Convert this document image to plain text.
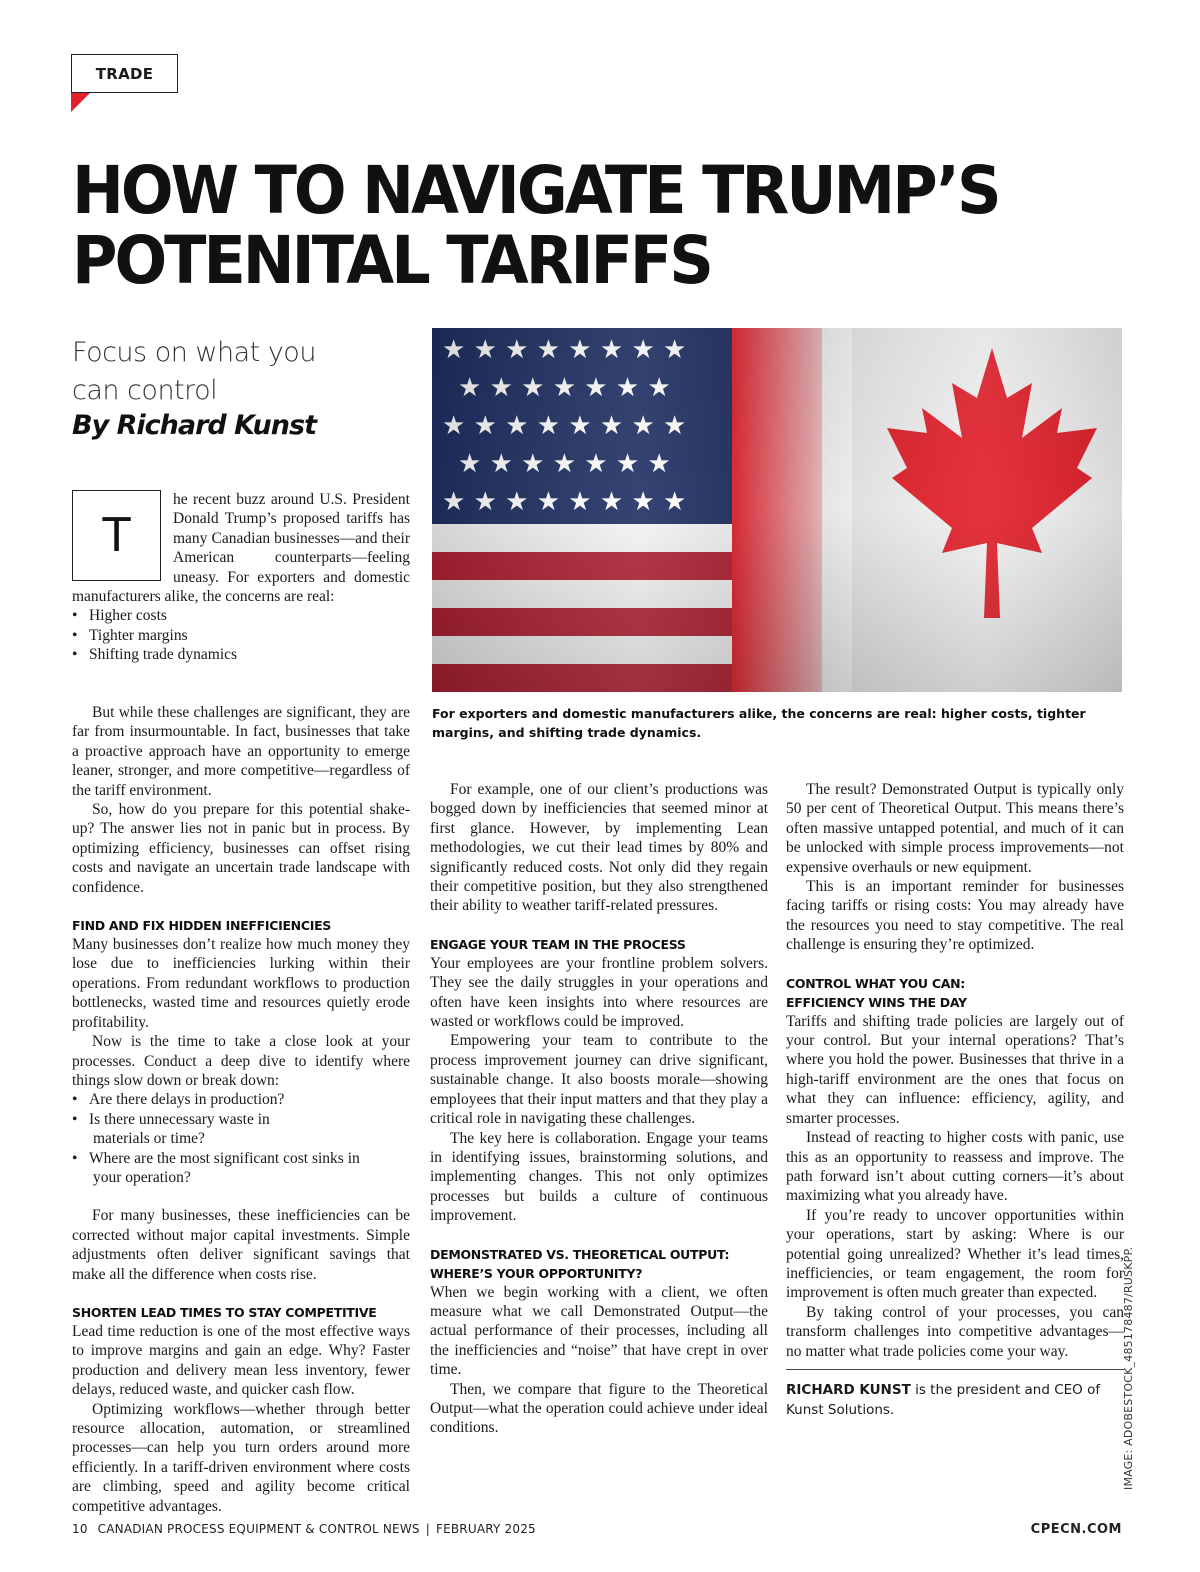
TRADE
HOW TO NAVIGATE TRUMP’S
POTENITAL TARIFFS
Focus on what you
can control
By Richard Kunst
For exporters and domestic manufacturers alike, the concerns are real: higher costs, tighter margins, and shifting trade dynamics.
T

he recent buzz around U.S. President Donald Trump’s proposed tariffs has many Canadian businesses—and their American counterparts—feeling uneasy. For exporters and domestic manufacturers alike, the concerns are real:

• Higher costs
• Tighter margins
• Shifting trade dynamics

But while these challenges are significant, they are far from insurmountable. In fact, businesses that take a proactive approach have an opportunity to emerge leaner, stronger, and more competitive—regardless of the tariff environment.

So, how do you prepare for this potential shake-up? The answer lies not in panic but in process. By optimizing efficiency, businesses can offset rising costs and navigate an uncertain trade landscape with confidence.

FIND AND FIX HIDDEN INEFFICIENCIES

Many businesses don’t realize how much money they lose due to inefficiencies lurking within their operations. From redundant workflows to production bottlenecks, wasted time and resources quietly erode profitability.

Now is the time to take a close look at your processes. Conduct a deep dive to identify where things slow down or break down:

• Are there delays in production?
• Is there unnecessary waste in
materials or time?
• Where are the most significant cost sinks in
your operation?

For many businesses, these inefficiencies can be corrected without major capital investments. Simple adjustments often deliver significant savings that make all the difference when costs rise.

SHORTEN LEAD TIMES TO STAY COMPETITIVE

Lead time reduction is one of the most effective ways to improve margins and gain an edge. Why? Faster production and delivery mean less inventory, fewer delays, reduced waste, and quicker cash flow.

Optimizing workflows—whether through better resource allocation, automation, or streamlined processes—can help you turn orders around more efficiently. In a tariff-driven environment where costs are climbing, speed and agility become critical competitive advantages.

For example, one of our client’s productions was bogged down by inefficiencies that seemed minor at first glance. However, by implementing Lean methodologies, we cut their lead times by 80% and significantly reduced costs. Not only did they regain their competitive position, but they also strengthened their ability to weather tariff-related pressures.

ENGAGE YOUR TEAM IN THE PROCESS

Your employees are your frontline problem solvers. They see the daily struggles in your operations and often have keen insights into where resources are wasted or workflows could be improved.

Empowering your team to contribute to the process improvement journey can drive significant, sustainable change. It also boosts morale—showing employees that their input matters and that they play a critical role in navigating these challenges.

The key here is collaboration. Engage your teams in identifying issues, brainstorming solutions, and implementing changes. This not only optimizes processes but builds a culture of continuous improvement.

DEMONSTRATED VS. THEORETICAL OUTPUT:
WHERE’S YOUR OPPORTUNITY?

When we begin working with a client, we often measure what we call Demonstrated Output—the actual performance of their processes, including all the inefficiencies and “noise” that have crept in over time.

Then, we compare that figure to the Theoretical Output—what the operation could achieve under ideal conditions.

The result? Demonstrated Output is typically only 50 per cent of Theoretical Output. This means there’s often massive untapped potential, and much of it can be unlocked with simple process improvements—not expensive overhauls or new equipment.

This is an important reminder for businesses facing tariffs or rising costs: You may already have the resources you need to stay competitive. The real challenge is ensuring they’re optimized.

CONTROL WHAT YOU CAN:
EFFICIENCY WINS THE DAY

Tariffs and shifting trade policies are largely out of your control. But your internal operations? That’s where you hold the power. Businesses that thrive in a high-tariff environment are the ones that focus on what they can influence: efficiency, agility, and smarter processes.

Instead of reacting to higher costs with panic, use this as an opportunity to reassess and improve. The path forward isn’t about cutting corners—it’s about maximizing what you already have.

If you’re ready to uncover opportunities within your operations, start by asking: Where is our potential going unrealized? Whether it’s lead times, inefficiencies, or team engagement, the room for improvement is often much greater than expected.

By taking control of your processes, you can transform challenges into competitive advantages—no matter what trade policies come your way.

RICHARD KUNST is the president and CEO of Kunst Solutions.	IMAGE: ADOBESTOCK_485178487/RUSKPP.
10 CANADIAN PROCESS EQUIPMENT & CONTROL NEWS | FEBRUARY 2025	CPECN.COM
